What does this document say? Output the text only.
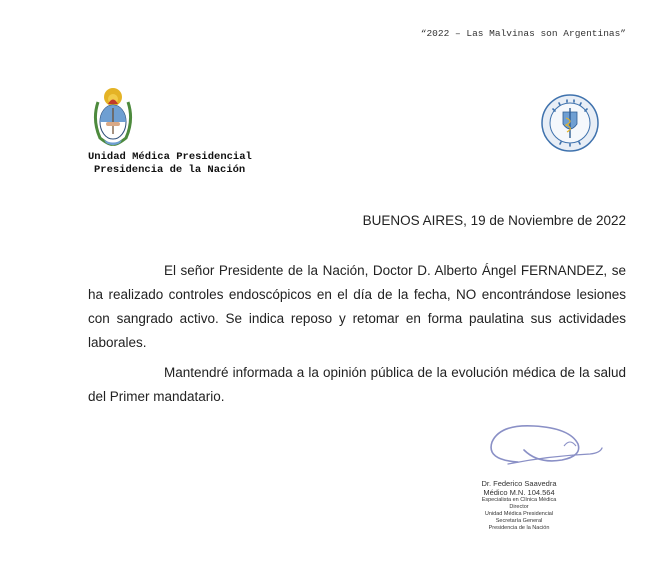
“2022 – Las Malvinas son Argentinas”
Unidad Médica Presidencial
Presidencia de la Nación
BUENOS AIRES, 19 de Noviembre de 2022

El señor Presidente de la Nación, Doctor D. Alberto Ángel FERNANDEZ, se ha realizado controles endoscópicos en el día de la fecha, NO encontrándose lesiones con sangrado activo. Se indica reposo y retomar en forma paulatina sus actividades laborales.

Mantendré informada a la opinión pública de la evolución médica de la salud del Primer mandatario.

Dr. Federico Saavedra
Médico M.N. 104.564
Especialista en Clínica Médica
Director
Unidad Médica Presidencial
Secretaría General
Presidencia de la Nación
